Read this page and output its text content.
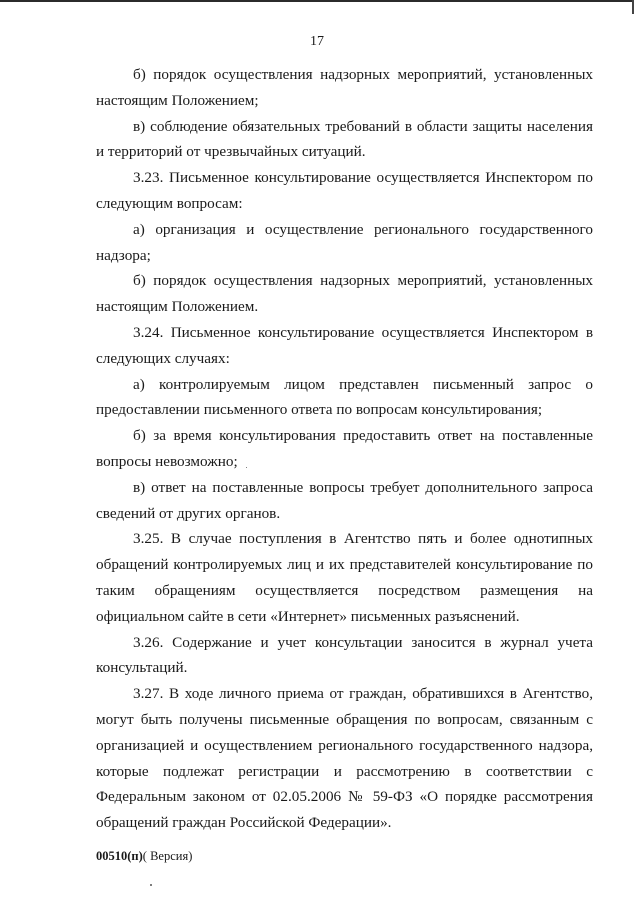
17

б) порядок осуществления надзорных мероприятий, установленных настоящим Положением;

в) соблюдение обязательных требований в области защиты населения и территорий от чрезвычайных ситуаций.

3.23. Письменное консультирование осуществляется Инспектором по следующим вопросам:

а) организация и осуществление регионального государственного надзора;

б) порядок осуществления надзорных мероприятий, установленных настоящим Положением.

3.24. Письменное консультирование осуществляется Инспектором в следующих случаях:

а) контролируемым лицом представлен письменный запрос о предоставлении письменного ответа по вопросам консультирования;

б) за время консультирования предоставить ответ на поставленные вопросы невозможно;

в) ответ на поставленные вопросы требует дополнительного запроса сведений от других органов.

3.25. В случае поступления в Агентство пять и более однотипных обращений контролируемых лиц и их представителей консультирование по таким обращениям осуществляется посредством размещения на официальном сайте в сети «Интернет» письменных разъяснений.

3.26. Содержание и учет консультации заносится в журнал учета консультаций.

3.27. В ходе личного приема от граждан, обратившихся в Агентство, могут быть получены письменные обращения по вопросам, связанным с организацией и осуществлением регионального государственного надзора, которые подлежат регистрации и рассмотрению в соответствии с Федеральным законом от 02.05.2006 № 59-ФЗ «О порядке рассмотрения обращений граждан Российской Федерации».

00510(п)( Версия)
